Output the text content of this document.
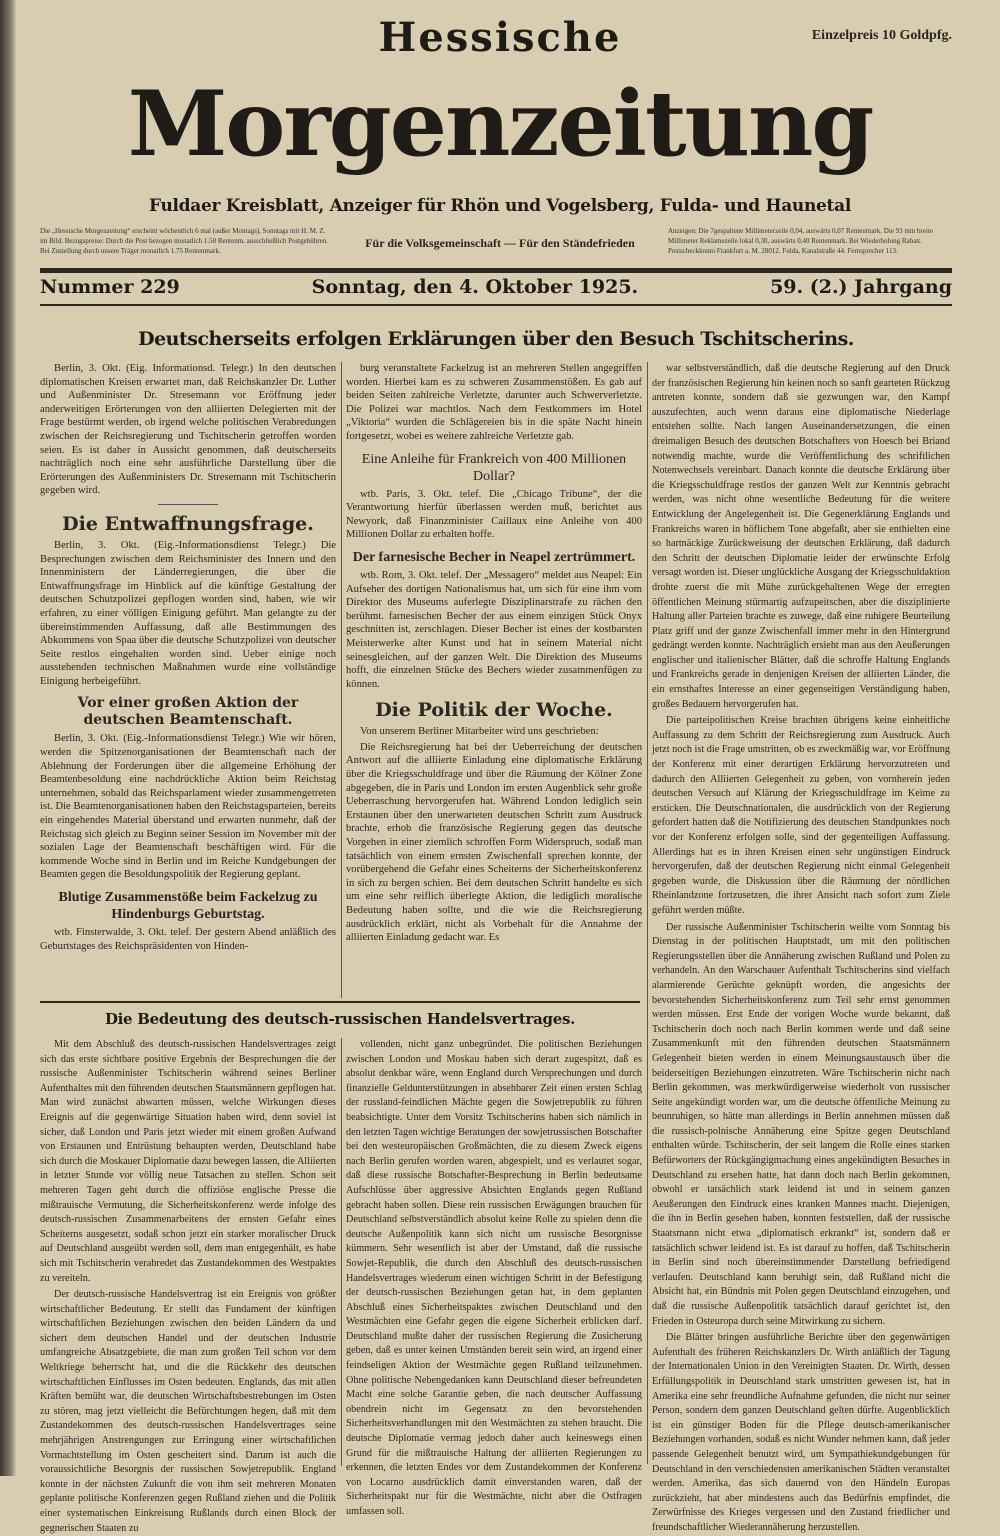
Einzelpreis 10 Goldpfg.
Hessische
Morgenzeitung
Fuldaer Kreisblatt, Anzeiger für Rhön und Vogelsberg, Fulda- und Haunetal
Die „Hessische Morgenzeitung“ erscheint wöchentlich 6 mal (außer Montags), Sonntags mit H. M. Z. im Bild. Bezugspreise: Durch die Post bezogen monatlich 1.50 Rentenm. ausschließlich Postgebühren. Bei Zustellung durch unsere Träger monatlich 1.75 Rentenmark.
Für die Volksgemeinschaft — Für den Ständefrieden
Anzeigen: Die 7gespaltene Millimeterzeile 0,04, auswärts 0,07 Rentenmark. Die 93 mm breite Millimeter Reklamezeile lokal 0,30, auswärts 0,40 Rentenmark. Bei Wiederholung Rabatt. Postscheckkonto Frankfurt a. M. 28012. Fulda, Kanalstraße 44. Fernsprecher 113.
Nummer 229	Sonntag, den 4. Oktober 1925.	59. (2.) Jahrgang
Deutscherseits erfolgen Erklärungen über den Besuch Tschitscherins.

Berlin, 3. Okt. (Eig. Informationsd. Telegr.) In den deutschen diplomatischen Kreisen erwartet man, daß Reichskanzler Dr. Luther und Außenminister Dr. Stresemann vor Eröffnung jeder anderweitigen Erörterungen von den alliierten Delegierten mit der Frage bestürmt werden, ob irgend welche politischen Verabredungen zwischen der Reichsregierung und Tschitscherin getroffen worden seien. Es ist daher in Aussicht genommen, daß deutscherseits nachträglich noch eine sehr ausführliche Darstellung über die Erörterungen des Außenministers Dr. Stresemann mit Tschitscherin gegeben wird.

Die Entwaffnungsfrage.

Berlin, 3. Okt. (Eig.-Informationsdienst Telegr.) Die Besprechungen zwischen dem Reichsminister des Innern und den Innenministern der Länderregierungen, die über die Entwaffnungsfrage im Hinblick auf die künftige Gestaltung der deutschen Schutzpolizei gepflogen worden sind, haben, wie wir erfahren, zu einer völligen Einigung geführt. Man gelangte zu der übereinstimmenden Auffassung, daß alle Bestimmungen des Abkommens von Spaa über die deutsche Schutzpolizei von deutscher Seite restlos eingehalten worden sind. Ueber einige noch ausstehenden technischen Maßnahmen wurde eine vollständige Einigung herbeigeführt.

Vor einer großen Aktion der deutschen Beamtenschaft.

Berlin, 3. Okt. (Eig.-Informationsdienst Telegr.) Wie wir hören, werden die Spitzenorganisationen der Beamtenschaft nach der Ablehnung der Forderungen über die allgemeine Erhöhung der Beamtenbesoldung eine nachdrückliche Aktion beim Reichstag unternehmen, sobald das Reichsparlament wieder zusammengetreten ist. Die Beamtenorganisationen haben den Reichstagsparteien, bereits ein eingehendes Material überstand und erwarten nunmehr, daß der Reichstag sich gleich zu Beginn seiner Session im November mit der sozialen Lage der Beamtenschaft beschäftigen wird. Für die kommende Woche sind in Berlin und im Reiche Kundgebungen der Beamten gegen die Besoldungspolitik der Regierung geplant.

Blutige Zusammenstöße beim Fackelzug zu Hindenburgs Geburtstag.

wtb. Finsterwalde, 3. Okt. telef. Der gestern Abend anläßlich des Geburtstages des Reichspräsidenten von Hinden-

burg veranstaltete Fackelzug ist an mehreren Stellen angegriffen worden. Hierbei kam es zu schweren Zusammenstößen. Es gab auf beiden Seiten zahlreiche Verletzte, darunter auch Schwerverletzte. Die Polizei war machtlos. Nach dem Festkommers im Hotel „Viktoria“ wurden die Schlägereien bis in die späte Nacht hinein fortgesetzt, wobei es weitere zahlreiche Verletzte gab.

Eine Anleihe für Frankreich von 400 Millionen Dollar?

wtb. Paris, 3. Okt. telef. Die „Chicago Tribune“, der die Verantwortung hierfür überlassen werden muß, berichtet aus Newyork, daß Finanzminister Caillaux eine Anleihe von 400 Millionen Dollar zu erhalten hoffe.

Der farnesische Becher in Neapel zertrümmert.

wtb. Rom, 3. Okt. telef. Der „Messagero“ meldet aus Neapel: Ein Aufseher des dortigen Nationalismus hat, um sich für eine ihm vom Direktor des Museums auferlegte Disziplinarstrafe zu rächen den berühmt. farnesischen Becher der aus einem einzigen Stück Onyx geschnitten ist, zerschlagen. Dieser Becher ist eines der kostbarsten Meisterwerke alter Kunst und hat in seinem Material nicht seinesgleichen, auf der ganzen Welt. Die Direktion des Museums hofft, die einzelnen Stücke des Bechers wieder zusammenfügen zu können.

Die Politik der Woche.

Von unserem Berliner Mitarbeiter wird uns geschrieben:

Die Reichsregierung hat bei der Ueberreichung der deutschen Antwort auf die alliierte Einladung eine diplomatische Erklärung über die Kriegsschuldfrage und über die Räumung der Kölner Zone abgegeben, die in Paris und London im ersten Augenblick sehr große Ueberraschung hervorgerufen hat. Während London lediglich sein Erstaunen über den unerwarteten deutschen Schritt zum Ausdruck brachte, erhob die französische Regierung gegen das deutsche Vorgehen in einer ziemlich schroffen Form Widerspruch, sodaß man tatsächlich von einem ernsten Zwischenfall sprechen konnte, der vorübergehend die Gefahr eines Scheiterns der Sicherheitskonferenz in sich zu bergen schien. Bei dem deutschen Schritt handelte es sich um eine sehr reiflich überlegte Aktion, die lediglich moralische Bedeutung haben sollte, und die wie die Reichsregierung ausdrücklich erklärt, nicht als Vorbehalt für die Annahme der alliierten Einladung gedacht war. Es

war selbstverständlich, daß die deutsche Regierung auf den Druck der französischen Regierung hin keinen noch so sanft gearteten Rückzug antreten konnte, sondern daß sie gezwungen war, den Kampf auszufechten, auch wenn daraus eine diplomatische Niederlage entstehen sollte. Nach langen Auseinandersetzungen, die einen dreimaligen Besuch des deutschen Botschafters von Hoesch bei Briand notwendig machte, wurde die Veröffentlichung des schriftlichen Notenwechsels vereinbart. Danach konnte die deutsche Erklärung über die Kriegsschuldfrage restlos der ganzen Welt zur Kenntnis gebracht werden, was nicht ohne wesentliche Bedeutung für die weitere Entwicklung der Angelegenheit ist. Die Gegenerklärung Englands und Frankreichs waren in höflichem Tone abgefaßt, aber sie enthielten eine so hartnäckige Zurückweisung der deutschen Erklärung, daß dadurch den Schritt der deutschen Diplomatie leider der erwünschte Erfolg versagt worden ist. Dieser unglückliche Ausgang der Kriegsschuldaktion drohte zuerst die mit Mühe zurückgehaltenen Wege der erregten öffentlichen Meinung stürmartig aufzupeitschen, aber die disziplinierte Haltung aller Parteien brachte es zuwege, daß eine ruhigere Beurteilung Platz griff und der ganze Zwischenfall immer mehr in den Hintergrund gedrängt werden konnte. Nachträglich ersieht man aus den Aeußerungen englischer und italienischer Blätter, daß die schroffe Haltung Englands und Frankreichs gerade in denjenigen Kreisen der alliierten Länder, die ein ernsthaftes Interesse an einer gegenseitigen Verständigung haben, großes Bedauern hervorgerufen hat.

Die parteipolitischen Kreise brachten übrigens keine einheitliche Auffassung zu dem Schritt der Reichsregierung zum Ausdruck. Auch jetzt noch ist die Frage umstritten, ob es zweckmäßig war, vor Eröffnung der Konferenz mit einer derartigen Erklärung hervorzutreten und dadurch den Alliierten Gelegenheit zu geben, von vornherein jeden deutschen Versuch auf Klärung der Kriegsschuldfrage im Keime zu ersticken. Die Deutschnationalen, die ausdrücklich von der Regierung gefordert hatten daß die Notifizierung des deutschen Standpunktes noch vor der Konferenz erfolgen solle, sind der gegenteiligen Auffassung. Allerdings hat es in ihren Kreisen einen sehr ungünstigen Eindruck hervorgerufen, daß der deutschen Regierung nicht einmal Gelegenheit gegeben wurde, die Diskussion über die Räumung der nördlichen Rheinlandzone fortzusetzen, die ihrer Ansicht nach sofort zum Ziele geführt werden müßte.

Der russische Außenminister Tschitscherin weilte vom Sonntag bis Dienstag in der politischen Hauptstadt, um mit den politischen Regierungsstellen über die Annäherung zwischen Rußland und Polen zu verhandeln. An den Warschauer Aufenthalt Tschitscherins sind vielfach alarmierende Gerüchte geknüpft worden, die angesichts der bevorstehenden Sicherheitskonferenz zum Teil sehr ernst genommen werden müssen. Erst Ende der vorigen Woche wurde bekannt, daß Tschitscherin doch noch nach Berlin kommen werde und daß seine Zusammenkunft mit den führenden deutschen Staatsmännern Gelegenheit bieten werden in einem Meinungsaustausch über die beiderseitigen Beziehungen einzutreten. Wäre Tschitscherin nicht nach Berlin gekommen, was merkwürdigerweise wiederholt von russischer Seite angekündigt worden war, um die deutsche öffentliche Meinung zu beunruhigen, so hätte man allerdings in Berlin annehmen müssen daß die russisch-polnische Annäherung eine Spitze gegen Deutschland enthalten würde. Tschitscherin, der seit langem die Rolle eines starken Befürworters der Rückgängigmachung eines angekündigten Besuches in Deutschland zu ersehen hatte, hat dann doch nach Berlin gekommen, obwohl er tatsächlich stark leidend ist und in seinem ganzen Aeußerungen den Eindruck eines kranken Mannes macht. Diejenigen, die ihn in Berlin gesehen haben, konnten feststellen, daß der russische Staatsmann nicht etwa „diplomatisch erkrankt“ ist, sondern daß er tatsächlich schwer leidend ist. Es ist darauf zu hoffen, daß Tschitscherin in Berlin sind noch übereinstimmender Darstellung befriedigend verlaufen. Deutschland kann beruhigt sein, daß Rußland nicht die Absicht hat, ein Bündnis mit Polen gegen Deutschland einzugehen, und daß die russische Außenpolitik tatsächlich darauf gerichtet ist, den Frieden in Osteuropa durch seine Mitwirkung zu sichern.

Die Blätter bringen ausführliche Berichte über den gegenwärtigen Aufenthalt des früheren Reichskanzlers Dr. Wirth anläßlich der Tagung der Internationalen Union in den Vereinigten Staaten. Dr. Wirth, dessen Erfüllungspolitik in Deutschland stark umstritten gewesen ist, hat in Amerika eine sehr freundliche Aufnahme gefunden, die nicht nur seiner Person, sondern dem ganzen Deutschland gelten dürfte. Augenblicklich ist ein günstiger Boden für die Pflege deutsch-amerikanischer Beziehungen vorhanden, sodaß es nicht Wunder nehmen kann, daß jeder passende Gelegenheit benutzt wird, um Sympathiekundgebungen für Deutschland in den verschiedensten amerikanischen Städten veranstaltet werden. Amerika, das sich dauernd von den Händeln Europas zurückzieht, hat aber mindestens auch das Bedürfnis empfindet, die Zerwürfnisse des Krieges vergessen und den Zustand friedlicher und freundschaftlicher Wiederannäherung herzustellen.

Die Bedeutung des deutsch-russischen Handelsvertrages.

Mit dem Abschluß des deutsch-russischen Handelsvertrages zeigt sich das erste sichtbare positive Ergebnis der Besprechungen die der russische Außenminister Tschitscherin während seines Berliner Aufenthaltes mit den führenden deutschen Staatsmännern gepflogen hat. Man wird zunächst abwarten müssen, welche Wirkungen dieses Ereignis auf die gegenwärtige Situation haben wird, denn soviel ist sicher, daß London und Paris jetzt wieder mit einem großen Aufwand von Erstaunen und Entrüstung behaupten werden, Deutschland habe sich durch die Moskauer Diplomatie dazu bewegen lassen, die Alliierten in letzter Stunde vor völlig neue Tatsachen zu stellen. Schon seit mehreren Tagen geht durch die offiziöse englische Presse die mißtrauische Vermutung, die Sicherheitskonferenz werde infolge des deutsch-russischen Zusammenarbeitens der ernsten Gefahr eines Scheiterns ausgesetzt, sodaß schon jetzt ein starker moralischer Druck auf Deutschland ausgeübt werden soll, dem man entgegenhält, es habe sich mit Tschitscherin verabredet das Zustandekommen des Westpaktes zu vereiteln.

Der deutsch-russische Handelsvertrag ist ein Ereignis von größter wirtschaftlicher Bedeutung. Er stellt das Fundament der künftigen wirtschaftlichen Beziehungen zwischen den beiden Ländern da und sichert dem deutschen Handel und der deutschen Industrie umfangreiche Absatzgebiete, die man zum großen Teil schon vor dem Weltkriege beherrscht hat, und die die Rückkehr des deutschen wirtschaftlichen Einflusses im Osten bedeuten. Englands, das mit allen Kräften bemüht war, die deutschen Wirtschaftsbestrebungen im Osten zu stören, mag jetzt vielleicht die Befürchtungen hegen, daß mit dem Zustandekommen des deutsch-russischen Handelsvertrages seine mehrjährigen Anstrengungen zur Erringung einer wirtschaftlichen Vormachtstellung im Osten gescheitert sind. Darum ist auch die voraussichtliche Besorgnis der russischen Sowjetrepublik. England konnte in der nächsten Zukunft die von ihm seit mehreren Monaten geplante politische Konferenzen gegen Rußland ziehen und die Politik einer systematischen Einkreisung Rußlands durch einen Block der gegnerischen Staaten zu

vollenden, nicht ganz unbegründet. Die politischen Beziehungen zwischen London und Moskau haben sich derart zugespitzt, daß es absolut denkbar wäre, wenn England durch Versprechungen und durch finanzielle Geldunterstützungen in absehbarer Zeit einen ersten Schlag der russland-feindlichen Mächte gegen die Sowjetrepublik zu führen beabsichtigte. Unter dem Vorsitz Tschitscherins haben sich nämlich in den letzten Tagen wichtige Beratungen der sowjetrussischen Botschafter bei den westeuropäischen Großmächten, die zu diesem Zweck eigens nach Berlin gerufen worden waren, abgespielt, und es verlautet sogar, daß diese russische Botschafter-Besprechung in Berlin bedeutsame Aufschlüsse über aggressive Absichten Englands gegen Rußland gebracht haben sollen. Diese rein russischen Erwägungen brauchen für Deutschland selbstverständlich absolut keine Rolle zu spielen denn die deutsche Außenpolitik kann sich nicht um russische Besorgnisse kümmern. Sehr wesentlich ist aber der Umstand, daß die russische Sowjet-Republik, die durch den Abschluß des deutsch-russischen Handelsvertrages wiederum einen wichtigen Schritt in der Befestigung der deutsch-russischen Beziehungen getan hat, in dem geplanten Abschluß eines Sicherheitspaktes zwischen Deutschland und den Westmächten eine Gefahr gegen die eigene Sicherheit erblicken darf. Deutschland mußte daher der russischen Regierung die Zusicherung geben, daß es unter keinen Umständen bereit sein wird, an irgend einer feindseligen Aktion der Westmächte gegen Rußland teilzunehmen. Ohne politische Nebengedanken kann Deutschland dieser befreundeten Macht eine solche Garantie geben, die nach deutscher Auffassung obendrein nicht im Gegensatz zu den bevorstehenden Sicherheitsverhandlungen mit den Westmächten zu stehen braucht. Die deutsche Diplomatie vermag jedoch daher auch keineswegs einen Grund für die mißtrauische Haltung der alliierten Regierungen zu erkennen, die letzten Endes vor dem Zustandekommen der Konferenz von Locarno ausdrücklich damit einverstanden waren, daß der Sicherheitspakt nur für die Westmächte, nicht aber die Ostfragen umfassen soll.
